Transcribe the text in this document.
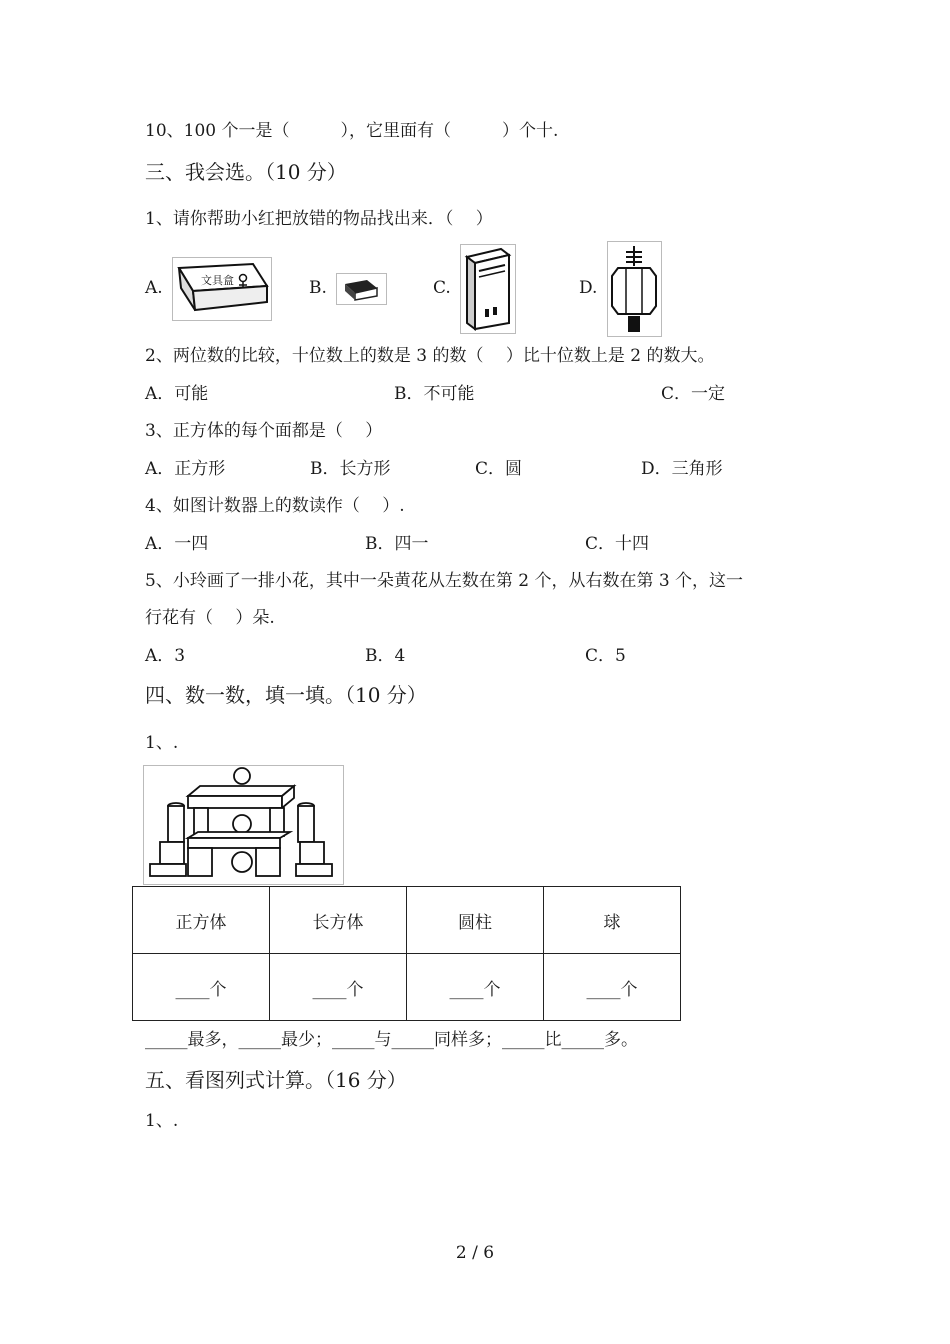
10、100 个一是（　　　），它里面有（　　　）个十.
三、我会选。（10 分）
1、请你帮助小红把放错的物品找出来．（　 ）
A.	文具盒	B.	C.	D.
2、两位数的比较，十位数上的数是 3 的数（　 ）比十位数上是 2 的数大。
A．可能	B．不可能	C．一定
3、正方体的每个面都是（　 ）
A．正方形	B．长方形	C．圆	D．三角形
4、如图计数器上的数读作（　 ）.
A．一四	B．四一	C．十四
5、小玲画了一排小花，其中一朵黄花从左数在第 2 个，从右数在第 3 个，这一
行花有（　 ）朵.
A．3	B．4	C．5
四、数一数，填一填。（10 分）
1、.
正方体	长方体	圆柱	球
____个	____个	____个	____个
_____最多，_____最少；_____与_____同样多；_____比_____多。
五、看图列式计算。（16 分）
1、.
2 / 6
